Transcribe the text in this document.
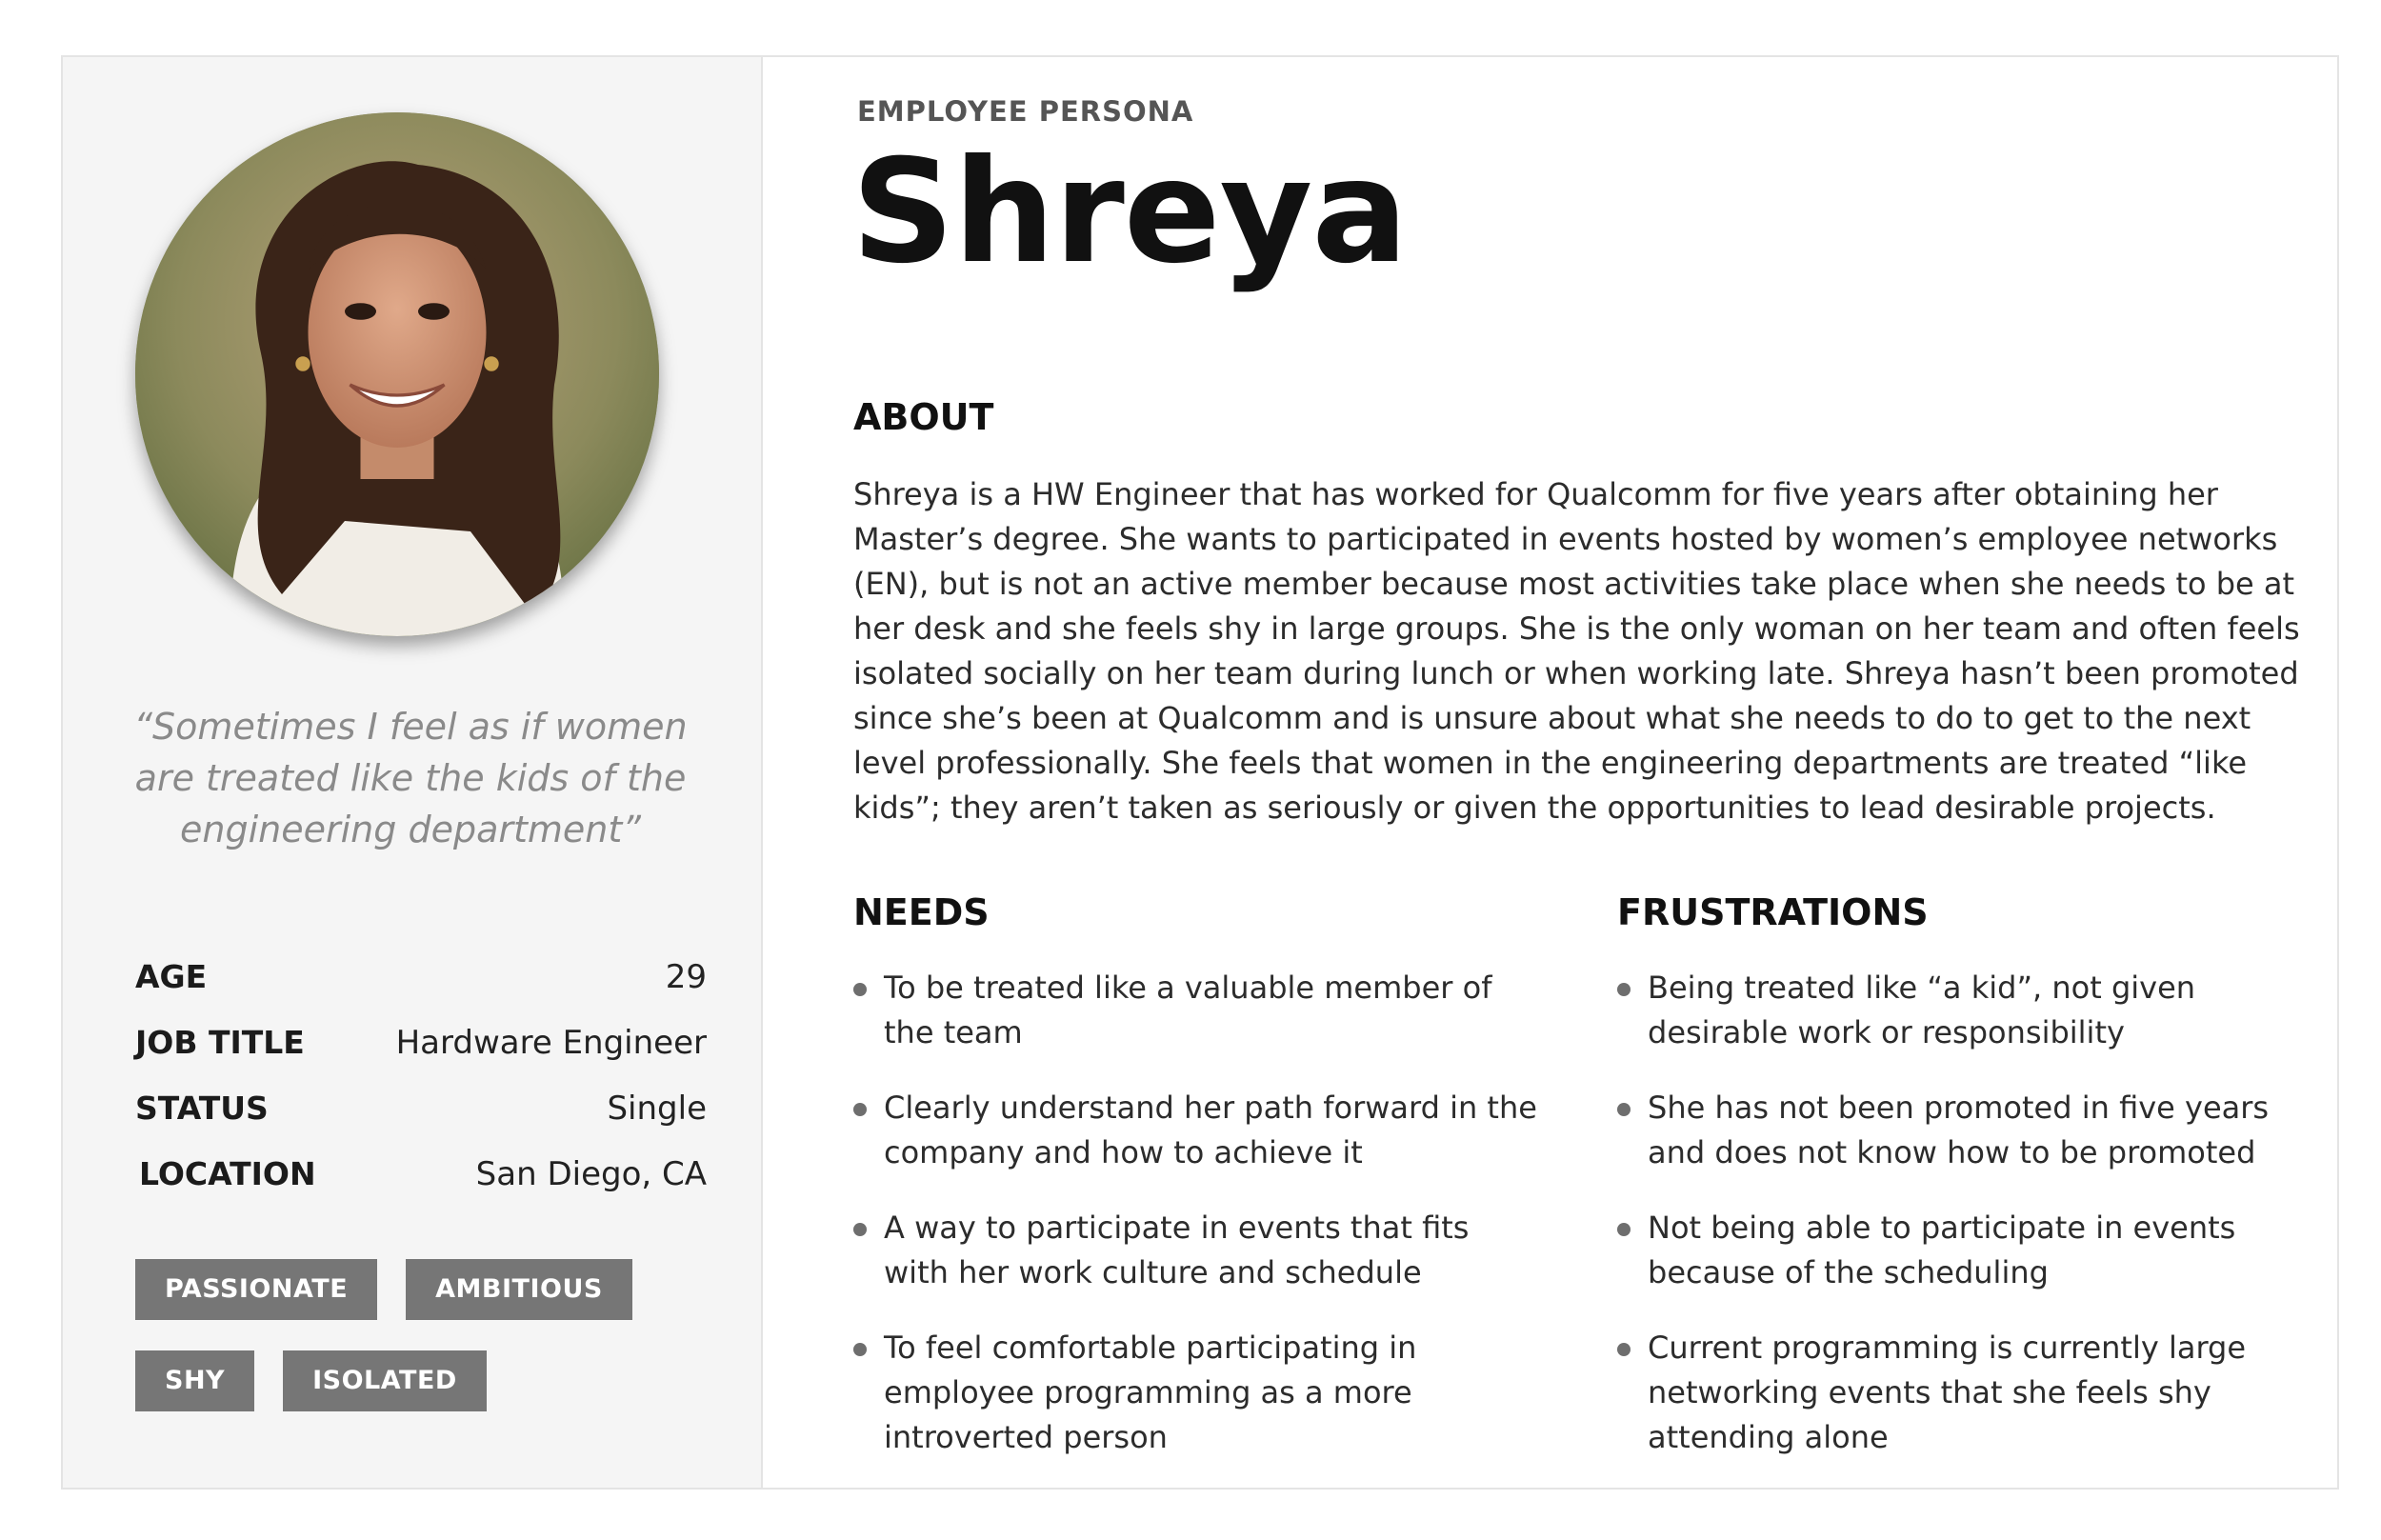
“Sometimes I feel as if women are treated like the kids of the engineering department”
AGE	29
JOB TITLE	Hardware Engineer
STATUS	Single
LOCATION	San Diego, CA
PASSIONATE	AMBITIOUS
SHY	ISOLATED
EMPLOYEE PERSONA
Shreya
ABOUT
Shreya is a HW Engineer that has worked for Qualcomm for five years after obtaining her Master’s degree. She wants to participated in events hosted by women’s employee networks (EN), but is not an active member because most activities take place when she needs to be at her desk and she feels shy in large groups. She is the only woman on her team and often feels isolated socially on her team during lunch or when working late. Shreya hasn’t been promoted since she’s been at Qualcomm and is unsure about what she needs to do to get to the next level professionally. She feels that women in the engineering departments are treated “like kids”; they aren’t taken as seriously or given the opportunities to lead desirable projects.
NEEDS
To be treated like a valuable member of the team
Clearly understand her path forward in the company and how to achieve it
A way to participate in events that fits with her work culture and schedule
To feel comfortable participating in employee programming as a more introverted person
FRUSTRATIONS
Being treated like “a kid”, not given desirable work or responsibility
She has not been promoted in five years and does not know how to be promoted
Not being able to participate in events because of the scheduling
Current programming is currently large networking events that she feels shy attending alone
